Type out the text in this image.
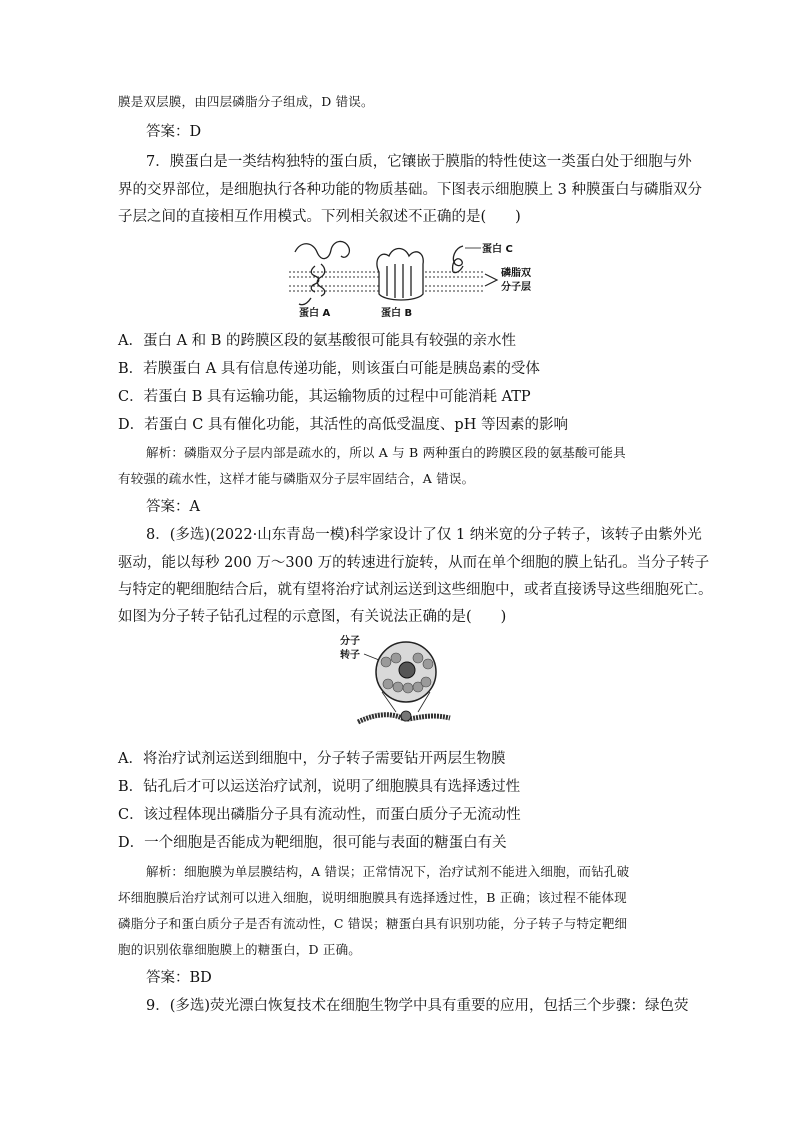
膜是双层膜，由四层磷脂分子组成，D 错误。
答案：D
7．膜蛋白是一类结构独特的蛋白质，它镶嵌于膜脂的特性使这一类蛋白处于细胞与外
界的交界部位，是细胞执行各种功能的物质基础。下图表示细胞膜上 3 种膜蛋白与磷脂双分
子层之间的直接相互作用模式。下列相关叙述不正确的是(　　)
蛋白 C
磷脂双
分子层
蛋白 A	蛋白 B
A．蛋白 A 和 B 的跨膜区段的氨基酸很可能具有较强的亲水性
B．若膜蛋白 A 具有信息传递功能，则该蛋白可能是胰岛素的受体
C．若蛋白 B 具有运输功能，其运输物质的过程中可能消耗 ATP
D．若蛋白 C 具有催化功能，其活性的高低受温度、pH 等因素的影响
解析：磷脂双分子层内部是疏水的，所以 A 与 B 两种蛋白的跨膜区段的氨基酸可能具
有较强的疏水性，这样才能与磷脂双分子层牢固结合，A 错误。
答案：A
8．(多选)(2022·山东青岛一模)科学家设计了仅 1 纳米宽的分子转子，该转子由紫外光
驱动，能以每秒 200 万～300 万的转速进行旋转，从而在单个细胞的膜上钻孔。当分子转子
与特定的靶细胞结合后，就有望将治疗试剂运送到这些细胞中，或者直接诱导这些细胞死亡。
如图为分子转子钻孔过程的示意图，有关说法正确的是(　　)
分子
转子
A．将治疗试剂运送到细胞中，分子转子需要钻开两层生物膜
B．钻孔后才可以运送治疗试剂，说明了细胞膜具有选择透过性
C．该过程体现出磷脂分子具有流动性，而蛋白质分子无流动性
D．一个细胞是否能成为靶细胞，很可能与表面的糖蛋白有关
解析：细胞膜为单层膜结构，A 错误；正常情况下，治疗试剂不能进入细胞，而钻孔破
坏细胞膜后治疗试剂可以进入细胞，说明细胞膜具有选择透过性，B 正确；该过程不能体现
磷脂分子和蛋白质分子是否有流动性，C 错误；糖蛋白具有识别功能，分子转子与特定靶细
胞的识别依靠细胞膜上的糖蛋白，D 正确。
答案：BD
9．(多选)荧光漂白恢复技术在细胞生物学中具有重要的应用，包括三个步骤：绿色荧
